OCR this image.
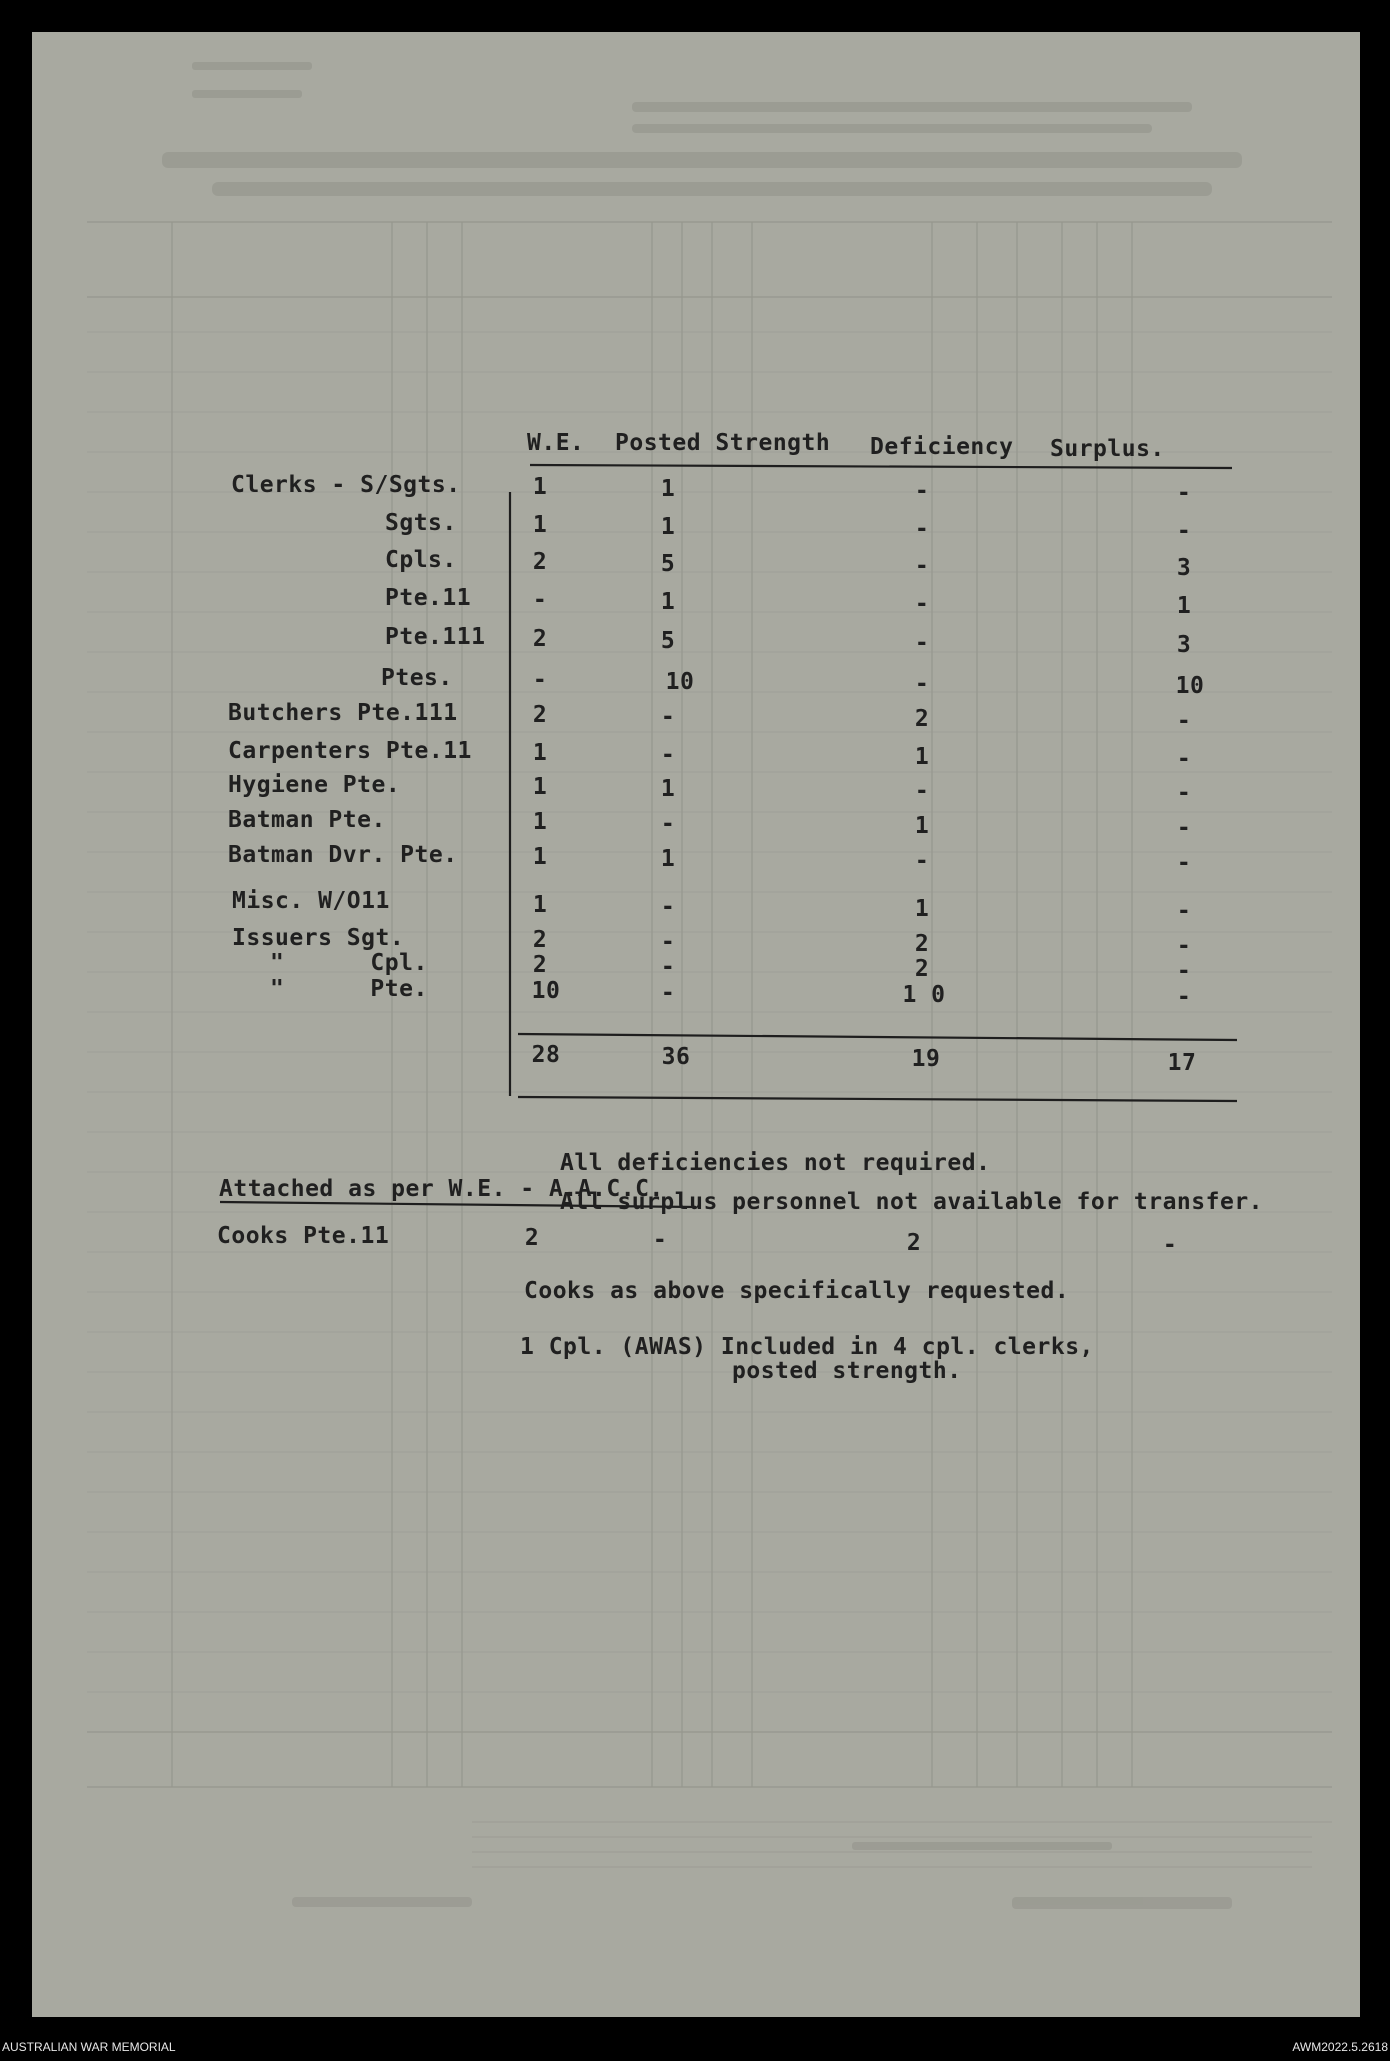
W.E. Posted Strength Deficiency Surplus.
Clerks - S/Sgts.	1	1	-	-
Sgts.	1	1	-	-
Cpls.	2	5	-	3
Pte.11	-	1	-	1
Pte.111 2	5	-	3
Ptes.	-	10	-	10
Butchers Pte.111	2	-	2	-
Carpenters Pte.11	1	-	1	-
Hygiene Pte.	1	1	-	-
Batman Pte.	1	-	1	-
Batman Dvr. Pte.	1	1	-	-
Misc. W/O11	1	-	1	-
Issuers Sgt.	2	-	2	-
"      Cpl.	2	-	2	-
"      Pte.	10	-	1 0	-
28	36	19	17
All deficiencies not required.
All surplus personnel not available for transfer.
Attached as per W.E. - A.A.C.C.
Cooks Pte.11	2	-	2	-
Cooks as above specifically requested.
1 Cpl. (AWAS) Included in 4 cpl. clerks,
posted strength.
AUSTRALIAN WAR MEMORIAL	AWM2022.5.2618
